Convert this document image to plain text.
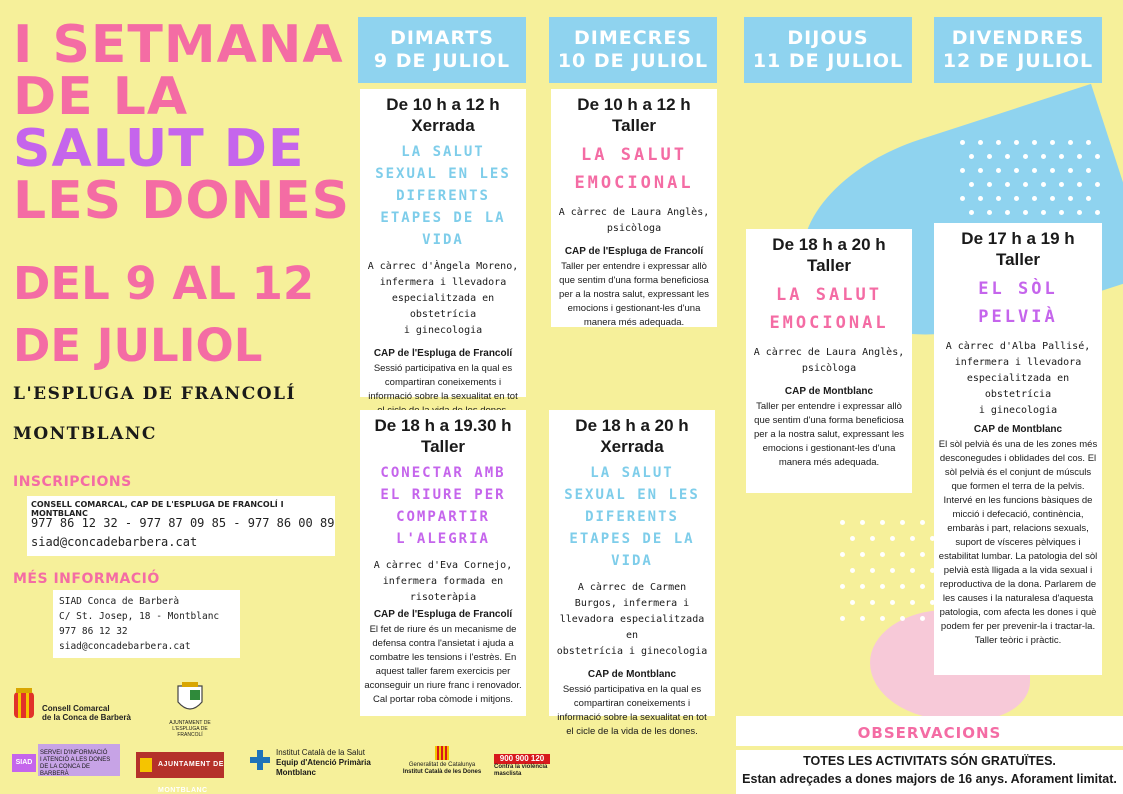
I SETMANA
DE LA
SALUT DE
LES DONES
DEL 9 AL 12
DE JULIOL
L'ESPLUGA DE FRANCOLÍ
MONTBLANC
INSCRIPCIONS
CONSELL COMARCAL, CAP DE L'ESPLUGA DE FRANCOLÍ I MONTBLANC
977 86 12 32 - 977 87 09 85 - 977 86 00 89
siad@concadebarbera.cat
MÉS INFORMACIÓ
SIAD Conca de Barberà
C/ St. Josep, 18 - Montblanc
977 86 12 32
siad@concadebarbera.cat
DIMARTS
9 DE JULIOL
DIMECRES
10 DE JULIOL
DIJOUS
11 DE JULIOL
DIVENDRES
12 DE JULIOL
De 10 h a 12 h
Xerrada
LA SALUT
SEXUAL EN LES
DIFERENTS
ETAPES DE LA
VIDA
A càrrec d'Àngela Moreno,
infermera i llevadora
especialitzada en obstetrícia
i ginecologia
CAP de l'Espluga de Francolí
Sessió participativa en la qual es compartiran coneixements i informació sobre la sexualitat en tot
De 10 h a 12 h
Taller
LA SALUT
EMOCIONAL
A càrrec de Laura Anglès,
psicòloga
CAP de l'Espluga de Francolí
Taller per entendre i expressar allò que sentim d'una forma beneficiosa per a la nostra salut, expressant les emocions i gestionant-les d'una manera més adequada.
De 18 h a 20 h
Taller
LA SALUT
EMOCIONAL
A càrrec de Laura Anglès,
psicòloga
CAP de Montblanc
Taller per entendre i expressar allò que sentim d'una forma beneficiosa per a la nostra salut, expressant les emocions i gestionant-les d'una manera més adequada.
De 17 h a 19 h
Taller
EL SÒL
PELVIÀ
A càrrec d'Alba Pallisé,
infermera i llevadora
especialitzada en obstetrícia
i ginecologia
CAP de Montblanc
El sòl pelvià és una de les zones més desconegudes i oblidades del cos. El sòl pelvià és el conjunt de músculs que formen el terra de la pelvis. Intervé en les funcions bàsiques de micció i defecació, continència, embaràs i part, relacions sexuals, suport de vísceres pèlviques i estabilitat lumbar. La patologia del sòl pelvià està lligada a la vida sexual i reproductiva de la dona. Parlarem de les causes i la naturalesa d'aquesta patologia, com afecta les dones i què podem fer per prevenir-la i tractar-la. Taller teòric i pràctic.
De 18 h a 19.30 h
Taller
CONECTAR AMB
EL RIURE PER
COMPARTIR
L'ALEGRIA
A càrrec d'Eva Cornejo,
infermera formada en
risoteràpia
CAP de l'Espluga de Francolí
El fet de riure és un mecanisme de defensa contra l'ansietat i ajuda a combatre les tensions i l'estrès. En aquest taller farem exercicis per aconseguir un riure franc i renovador. Cal portar roba còmode i mitjons.
De 18 h a 20 h
Xerrada
LA SALUT
SEXUAL EN LES
DIFERENTS
ETAPES DE LA
VIDA
A càrrec de Carmen
Burgos, infermera i
llevadora especialitzada en
obstetrícia i ginecologia
CAP de Montblanc
Sessió participativa en la qual es compartiran coneixements i informació sobre la sexualitat en tot el cicle de la vida de les dones.	OBSERVACIONS
TOTES LES ACTIVITATS SÓN GRATUÏTES.
Estan adreçades a dones majors de 16 anys. Aforament limitat.
Consell Comarcal
de la Conca de Barberà
AJUNTAMENT DE
L'ESPLUGA DE FRANCOLÍ
SIAD
SERVEI D'INFORMACIÓ
I ATENCIÓ A LES DONES
DE LA CONCA DE BARBERÀ
AJUNTAMENT DE MONTBLANC
Institut Català de la Salut
Equip d'Atenció Primària
Montblanc
Generalitat de Catalunya
Institut Català de les Dones
900 900 120
Contra la violència
masclista
